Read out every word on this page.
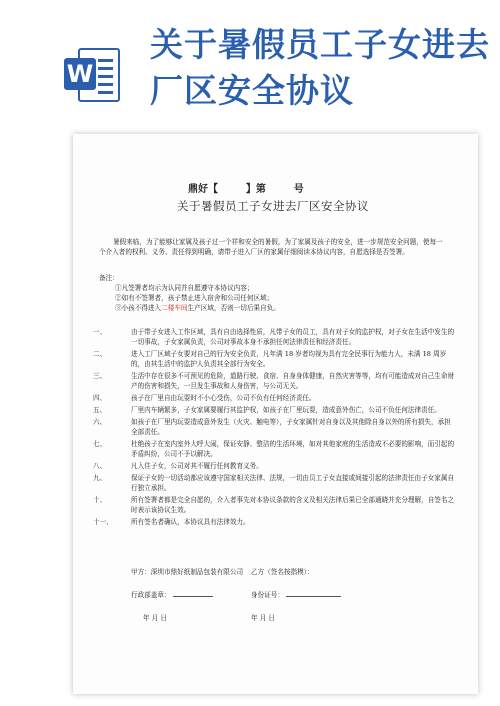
W
关于暑假员工子女进去厂区安全协议
鼎好【        】第        号
关于暑假员工子女进去厂区安全协议

暑假来临，为了能够让家属及孩子过一个祥和安全的暑假，为了家属及孩子的安全，进一步规范安全问题，使每一个介入者的权利、义务、责任得到明确，请带子进入厂区的家属仔细阅读本协议内容，自愿选择是否签署。

备注：
①凡签署者均示为认同并自愿遵守本协议内容；
②如有不签署者，孩子禁止进入宿舍和公司任何区域；
③小孩不得进入二楼车间生产区域，否则一切后果自负。
一、	由于带子女进入工作区域，具有自由选择性质，凡带子女的员工，具有对子女的监护权，对子女在生活中发生的一切事故，子女家属负责，公司对事故本身不承担任何法律责任和经济责任。
二、	进入工厂区域子女要对自己的行为安全负责，凡年满 18 岁者均视为具有完全民事行为能力人，未满 18 周岁的，由其生活中的监护人负责其全部行为安全。
三、	生活中存在很多不可预见的危险，道路行驶、食宿、自身身体健康，自然灾害等等，均有可能造成对自己生命财产的伤害和损失，一旦发生事故和人身伤害，与公司无关。
四、	孩子在厂里自由玩耍时不小心受伤，公司不负有任何经济责任。
五、	厂里内车辆繁多，子女家属要履行其监护权，如孩子在厂里玩耍，造成意外伤亡，公司不负任何法律责任。
六、	如孩子在厂里内玩耍造成意外发生（火灾、触电等），子女家属针对自身以及其他除自身以外的所有损失，承担全部责任。
七、	杜绝孩子在室内室外大呼大闹，保证安静、整洁的生活环境，如对其他家庭的生活造成不必要的影响，而引起的矛盾纠纷，公司不予以解决。
八、	凡入住子女，公司对其不履行任何教育义务。
九、	保证子女的一切活动都应该遵守国家相关法律、法规，一切由员工子女直接或间接引起的法律责任由子女家属自行独立承担。
十、	所有签署者都是完全自愿的，介入者事先对本协议条款的含义及相关法律后果已全部通晓并充分理解，自签名之时表示该协议生效。
十一、	所有签名者确认，本协议具有法律效力。
甲方：深圳市鼎好纸制品包装有限公司	乙方（签名按指模）：
行政部盖章：	身份证号：
年 月 日	年 月 日
